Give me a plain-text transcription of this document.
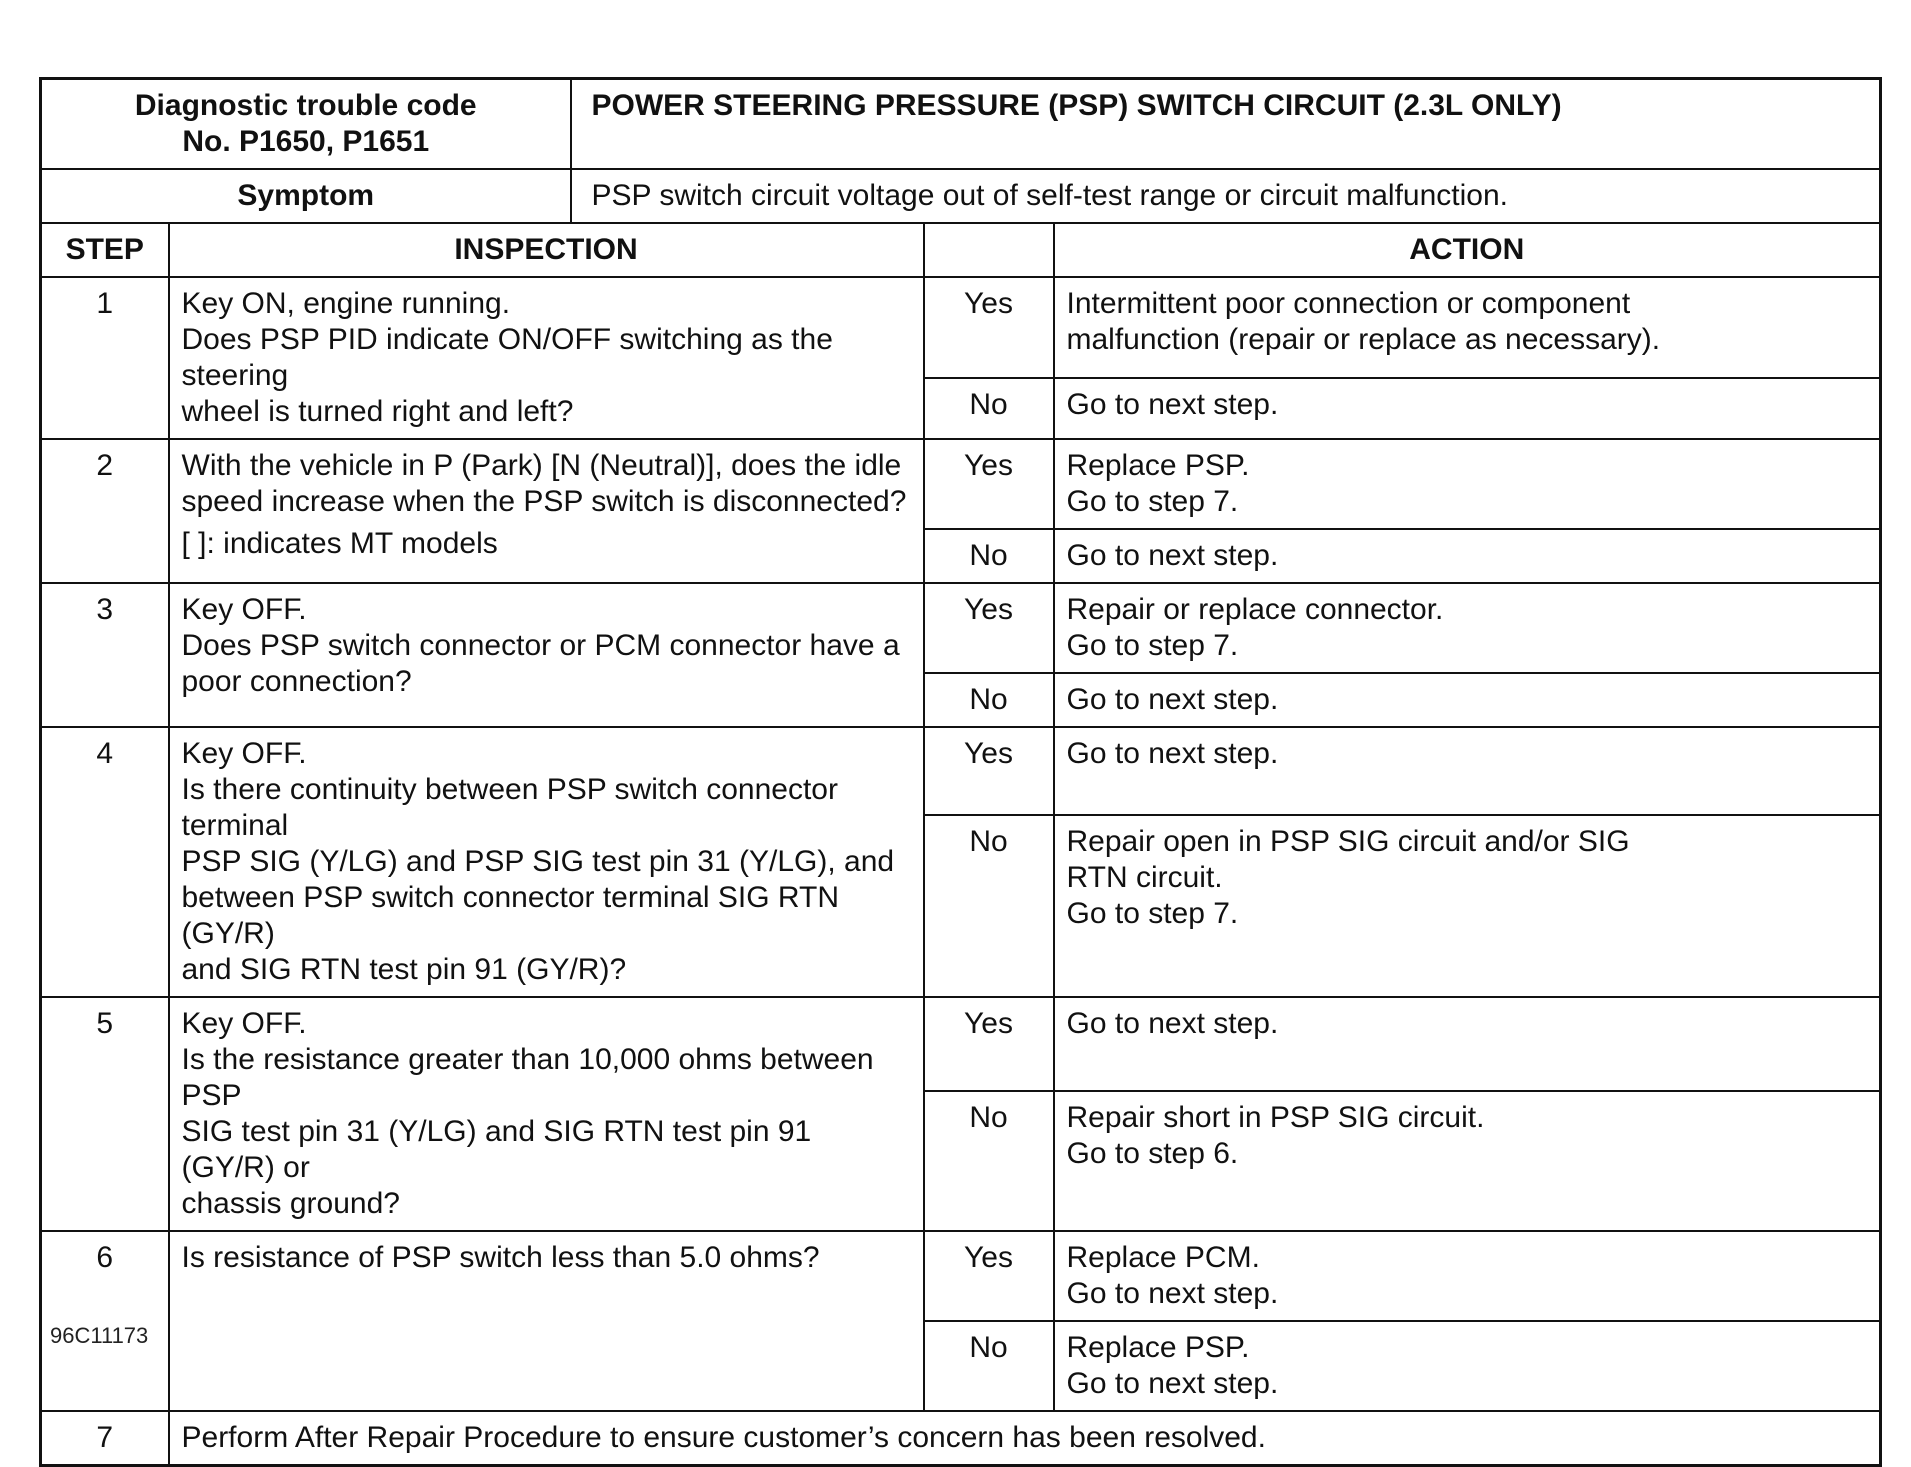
Diagnostic trouble code
No. P1650, P1651		POWER STEERING PRESSURE (PSP) SWITCH CIRCUIT (2.3L ONLY)		
Symptom		PSP switch circuit voltage out of self-test range or circuit malfunction.		
STEP	INSPECTION			ACTION
1	Key ON, engine running.
Does PSP PID indicate ON/OFF switching as the steering
wheel is turned right and left?		Yes	Intermittent poor connection or component
malfunction (repair or replace as necessary).

			No	Go to next step.

2	With the vehicle in P (Park) [N (Neutral)], does the idle
speed increase when the PSP switch is disconnected?
[ ]: indicates MT models		Yes	Replace PSP.
Go to step 7.

			No	Go to next step.

3	Key OFF.
Does PSP switch connector or PCM connector have a
poor connection?		Yes	Repair or replace connector.
Go to step 7.

			No	Go to next step.

4	Key OFF.
Is there continuity between PSP switch connector terminal
PSP SIG (Y/LG) and PSP SIG test pin 31 (Y/LG), and
between PSP switch connector terminal SIG RTN (GY/R)
and SIG RTN test pin 91 (GY/R)?		Yes	Go to next step.

			No	Repair open in PSP SIG circuit and/or SIG
RTN circuit.
Go to step 7.

5	Key OFF.
Is the resistance greater than 10,000 ohms between PSP
SIG test pin 31 (Y/LG) and SIG RTN test pin 91 (GY/R) or
chassis ground?		Yes	Go to next step.

			No	Repair short in PSP SIG circuit.
Go to step 6.

6	Is resistance of PSP switch less than 5.0 ohms?		Yes	Replace PCM.
Go to next step.

			No	Replace PSP.
Go to next step.

7	Perform After Repair Procedure to ensure customer’s concern has been resolved.			
96C11173
